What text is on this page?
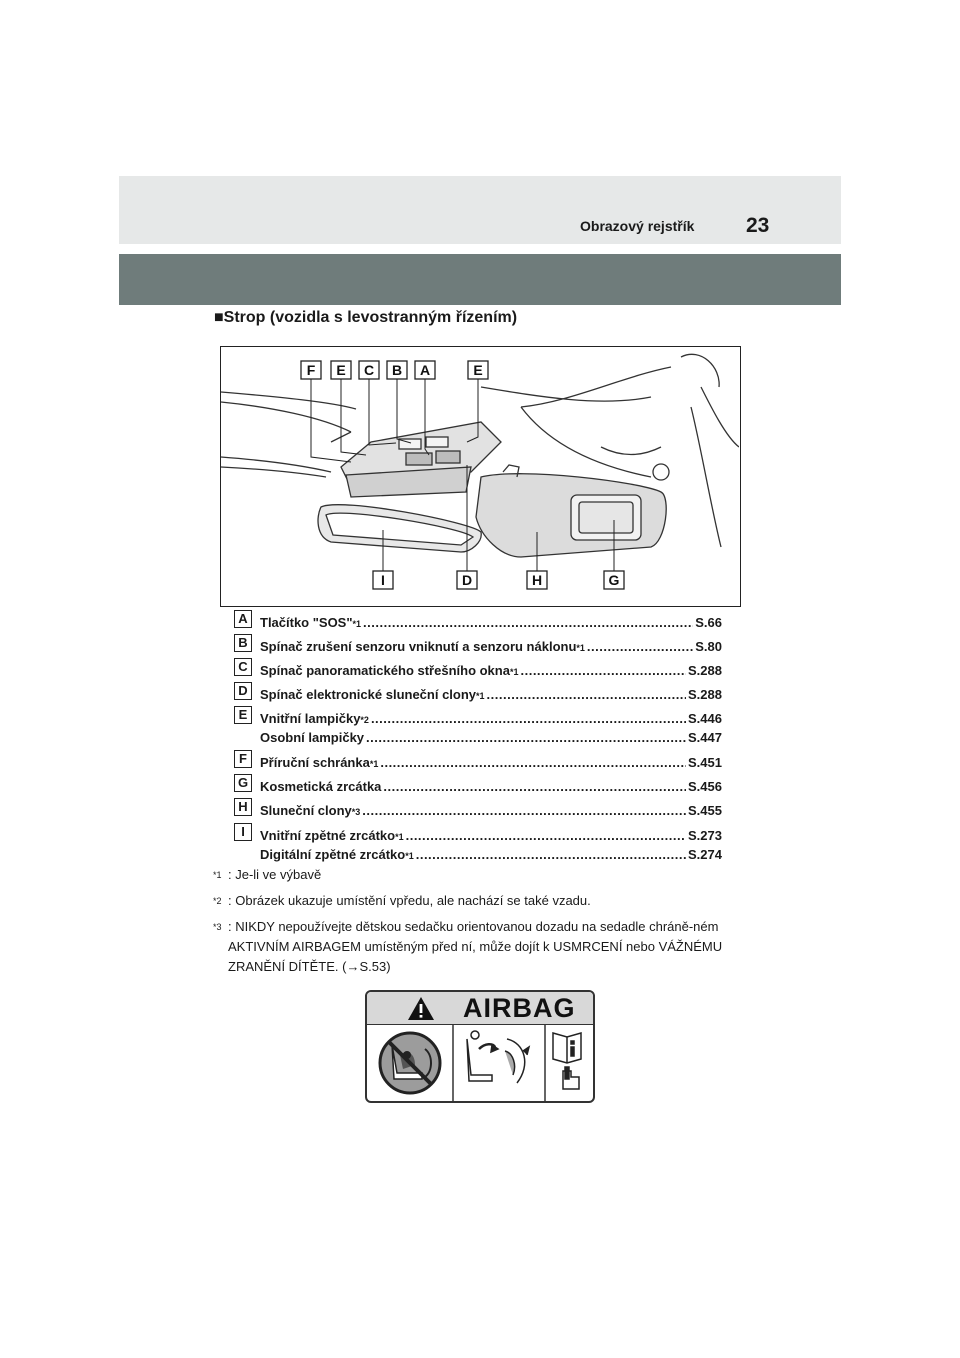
Obrazový rejstřík 23
■Strop (vozidla s levostranným řízením)
F E C B A	E
I	D	H	G
A Tlačítko "SOS"$^{*1}$ .....	S.66
B Spínač zrušení senzoru vniknutí a senzoru náklonu$^{*1}$ .....	S.80
C Spínač panoramatického střešního okna$^{*1}$ .....	S.288
D Spínač elektronické sluneční clony$^{*1}$ .....	S.288
E Vnitřní lampičky$^{*2}$ .....	S.446
Osobní lampičky .....	S.447
F	Příruční schránka$^{*1}$ .....	S.451
G Kosmetická zrcátka .....	S.456
H Sluneční clony$^{*3}$ .....	S.455
I	Vnitřní zpětné zrcátko$^{*1}$ .....	S.273
Digitální zpětné zrcátko$^{*1}$ .....	S.274
$^{*1}$ : Je-li ve výbavě
$^{*2}$ : Obrázek ukazuje umístění vpředu, ale nachází se také vzadu.
$^{*3}$ : NIKDY nepoužívejte dětskou sedačku orientovanou dozadu na sedadle chráně-ném AKTIVNÍM AIRBAGEM umístěným před ní, může dojít k USMRCENÍ nebo VÁŽNÉMU ZRANĚNÍ DÍTĚTE. (→S.53)
AIRBAG
